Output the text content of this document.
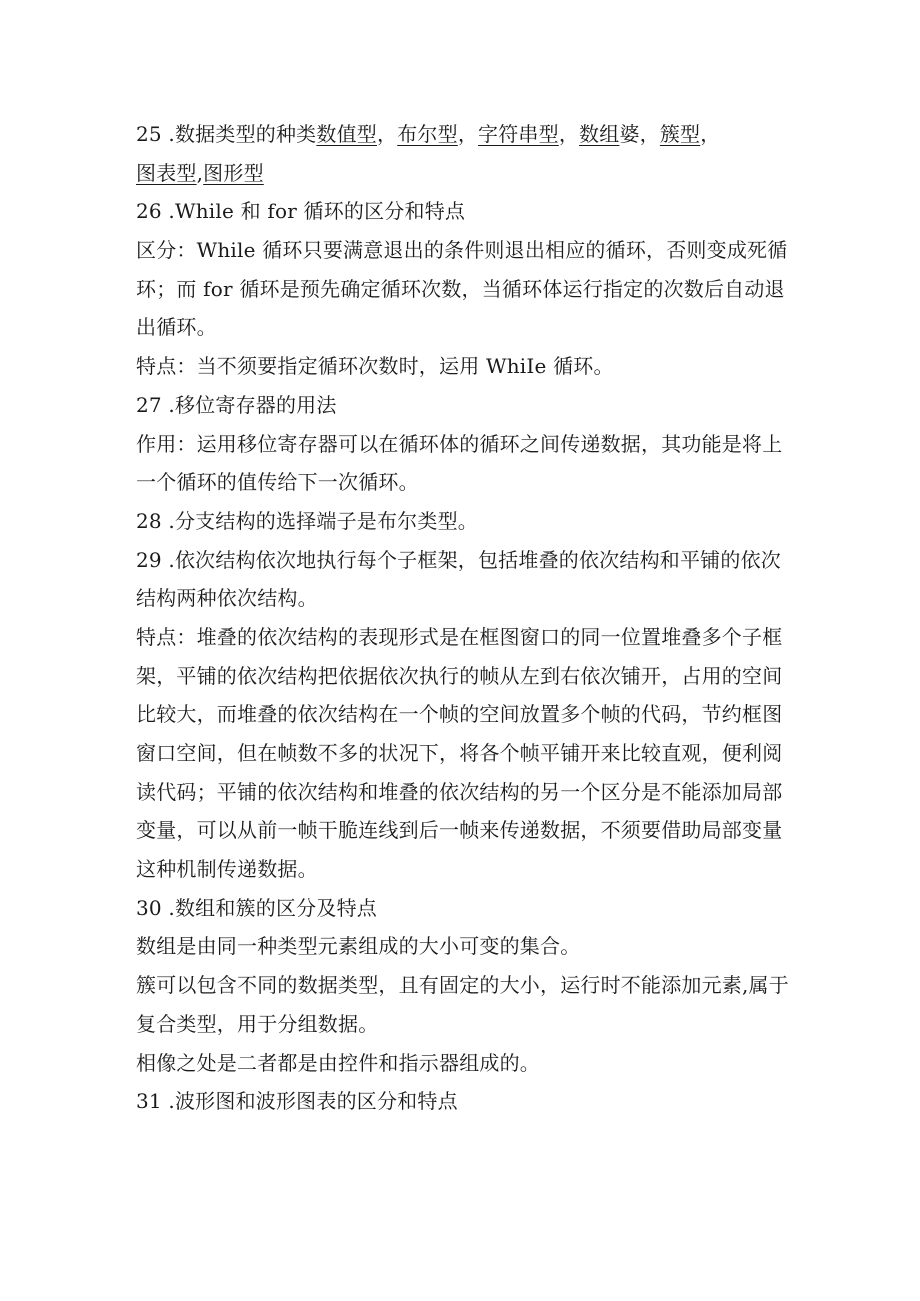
25 .数据类型的种类数值型，布尔型，字符串型，数组婆，簇型，
图表型,图形型
26 .While 和 for 循环的区分和特点
区分：While 循环只要满意退出的条件则退出相应的循环，否则变成死循
环；而 for 循环是预先确定循环次数，当循环体运行指定的次数后自动退
出循环。
特点：当不须要指定循环次数时，运用 WhiIe 循环。
27 .移位寄存器的用法
作用：运用移位寄存器可以在循环体的循环之间传递数据，其功能是将上
一个循环的值传给下一次循环。
28 .分支结构的选择端子是布尔类型。
29 .依次结构依次地执行每个子框架，包括堆叠的依次结构和平铺的依次
结构两种依次结构。
特点：堆叠的依次结构的表现形式是在框图窗口的同一位置堆叠多个子框
架，平铺的依次结构把依据依次执行的帧从左到右依次铺开，占用的空间
比较大，而堆叠的依次结构在一个帧的空间放置多个帧的代码，节约框图
窗口空间，但在帧数不多的状况下，将各个帧平铺开来比较直观，便利阅
读代码；平铺的依次结构和堆叠的依次结构的另一个区分是不能添加局部
变量，可以从前一帧干脆连线到后一帧来传递数据，不须要借助局部变量
这种机制传递数据。
30 .数组和簇的区分及特点
数组是由同一种类型元素组成的大小可变的集合。
簇可以包含不同的数据类型，且有固定的大小，运行时不能添加元素,属于
复合类型，用于分组数据。
相像之处是二者都是由控件和指示器组成的。
31 .波形图和波形图表的区分和特点
